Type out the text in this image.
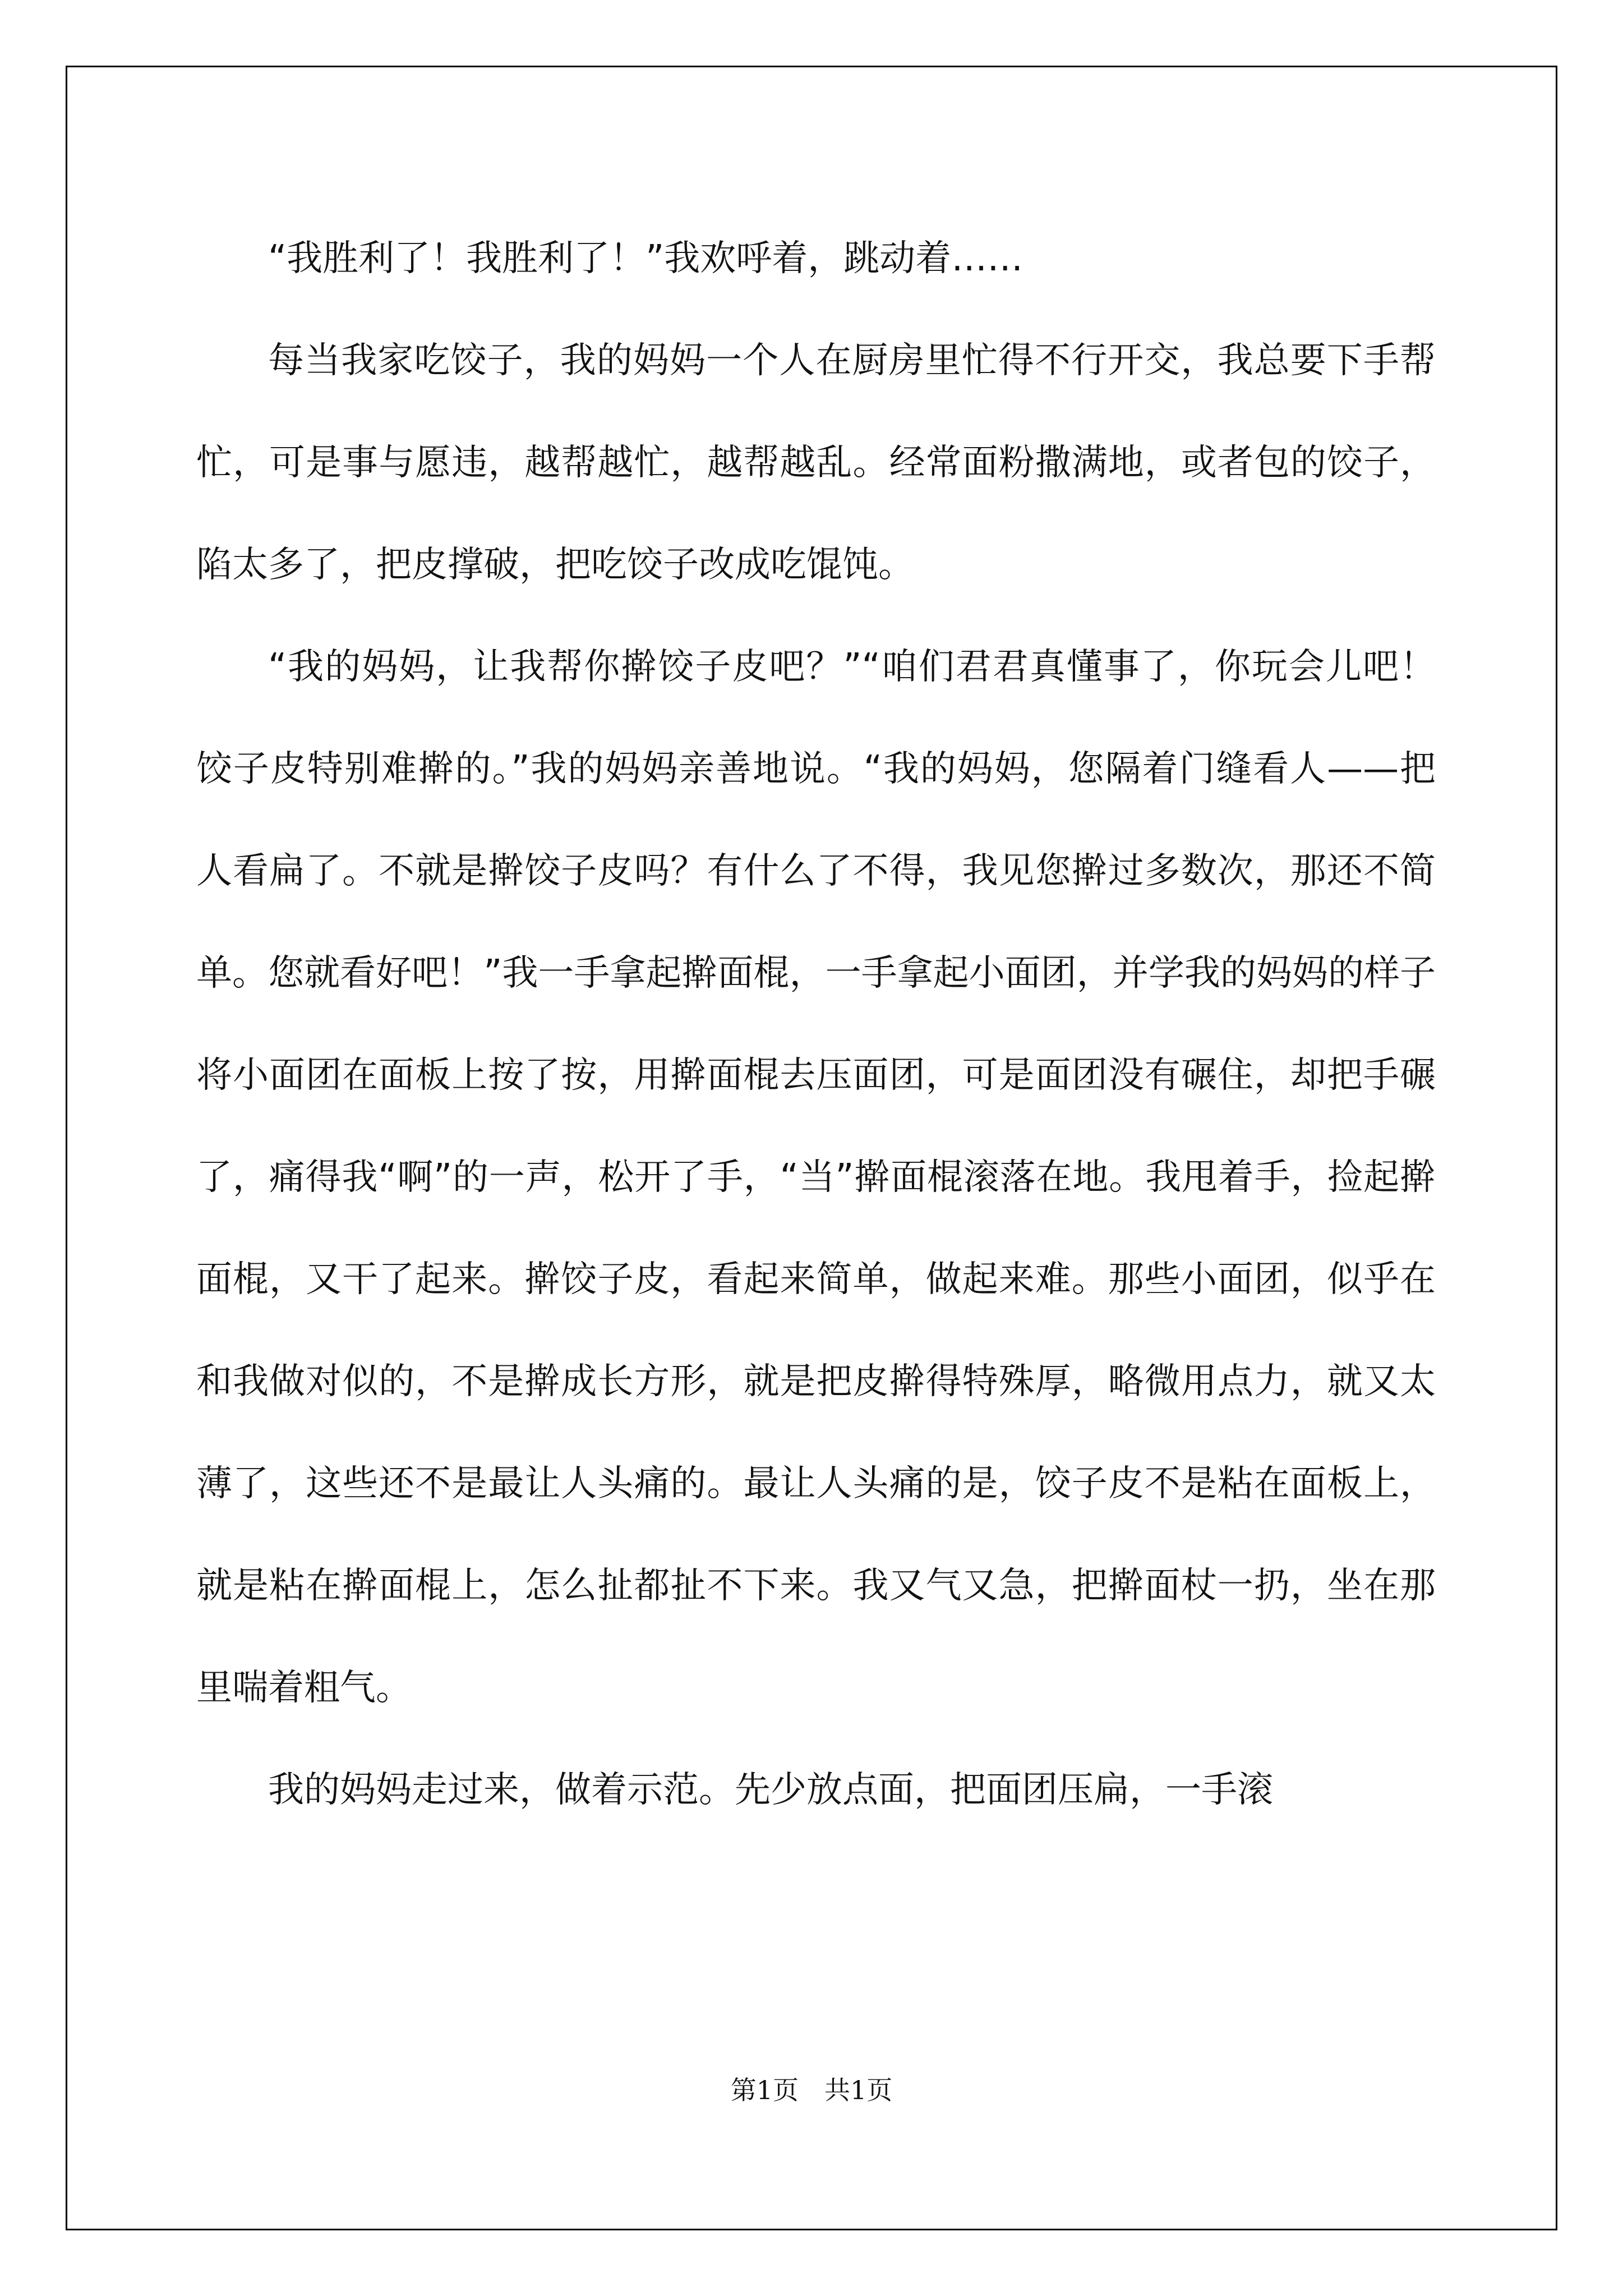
“我胜利了！我胜利了！”我欢呼着，跳动着……

每当我家吃饺子，我的妈妈一个人在厨房里忙得不行开交，我总要下手帮忙，可是事与愿违，越帮越忙，越帮越乱。经常面粉撒满地，或者包的饺子，陷太多了，把皮撑破，把吃饺子改成吃馄饨。

“我的妈妈，让我帮你擀饺子皮吧？”“咱们君君真懂事了，你玩会儿吧！饺子皮特别难擀的。”我的妈妈亲善地说。“我的妈妈，您隔着门缝看人——把人看扁了。不就是擀饺子皮吗？有什么了不得，我见您擀过多数次，那还不简单。您就看好吧！”我一手拿起擀面棍，一手拿起小面团，并学我的妈妈的样子将小面团在面板上按了按，用擀面棍去压面团，可是面团没有碾住，却把手碾了，痛得我“啊”的一声，松开了手，“当”擀面棍滚落在地。我甩着手，捡起擀面棍，又干了起来。擀饺子皮，看起来简单，做起来难。那些小面团，似乎在和我做对似的，不是擀成长方形，就是把皮擀得特殊厚，略微用点力，就又太薄了，这些还不是最让人头痛的。最让人头痛的是，饺子皮不是粘在面板上，就是粘在擀面棍上，怎么扯都扯不下来。我又气又急，把擀面杖一扔，坐在那里喘着粗气。

我的妈妈走过来，做着示范。先少放点面，把面团压扁，一手滚

第1页 共1页
